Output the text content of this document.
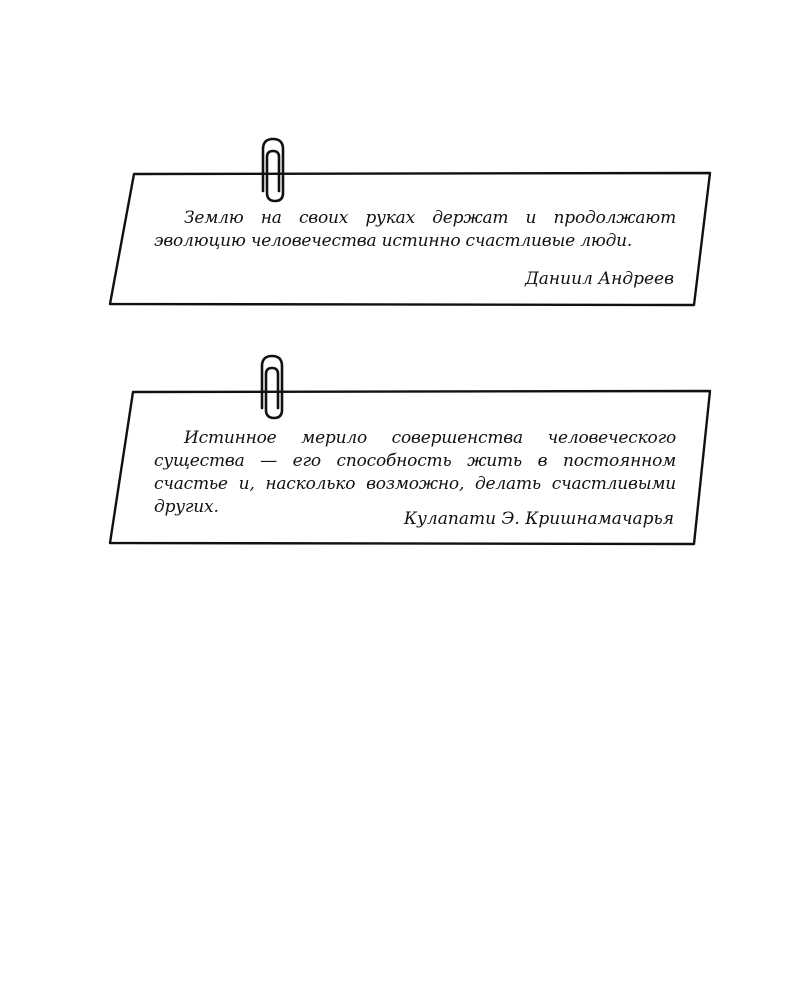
Землю на своих руках держат и продолжают эволюцию человечества истинно счастливые люди.

Даниил Андреев

Истинное мерило совершенства человеческого существа — его способность жить в постоянном счастье и, насколько возможно, делать счастливыми других.

Кулапати Э. Кришнамачарья
